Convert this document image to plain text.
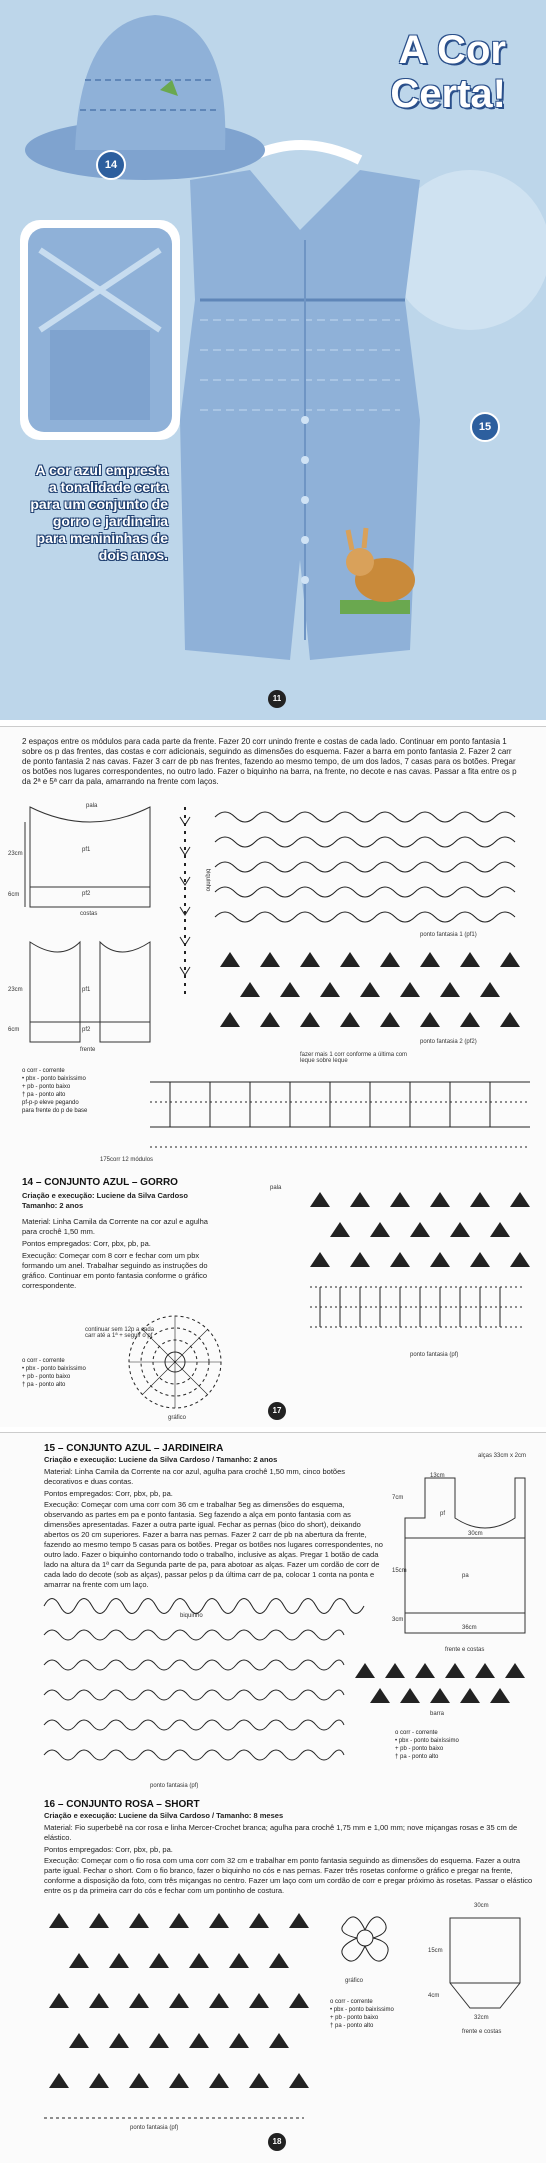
A Cor
Certa!
14
15
A cor azul empresta a tonalidade certa para um conjunto de gorro e jardineira para menininhas de dois anos.
11
2 espaços entre os módulos para cada parte da frente. Fazer 20 corr unindo frente e costas de cada lado. Continuar em ponto fantasia 1 sobre os p das frentes, das costas e corr adicionais, seguindo as dimensões do esquema. Fazer a barra em ponto fantasia 2. Fazer 2 carr de ponto fantasia 2 nas cavas. Fazer 3 carr de pb nas frentes, fazendo ao mesmo tempo, de um dos lados, 7 casas para os botões. Pregar os botões nos lugares correspondentes, no outro lado. Fazer o biquinho na barra, na frente, no decote e nas cavas. Passar a fita entre os p da 2ª e 5ª carr da pala, amarrando na frente com laços.
pala
pf1
pf2
23cm
6cm
costas
pf1
pf2
23cm
6cm
frente
biquinho
ponto fantasia 1 (pf1)
ponto fantasia 2 (pf2)
o corr - corrente
• pbx - ponto baixíssimo
+ pb - ponto baixo
† pa - ponto alto
pf-p-p eleve pegando
para frente do p de base
fazer mais 1 corr conforme a última com leque sobre leque
175corr 12 módulos
14 – CONJUNTO AZUL – GORRO
Criação e execução: Luciene da Silva Cardoso
Tamanho: 2 anos
Material: Linha Camila da Corrente na cor azul e agulha para crochê 1,50 mm.
Pontos empregados: Corr, pbx, pb, pa.
Execução: Começar com 8 corr e fechar com um pbx formando um anel. Trabalhar seguindo as instruções do gráfico. Continuar em ponto fantasia conforme o gráfico correspondente.
pala
continuar sem 12p a cada carr até a 1ª + seguir o pf
gráfico
o corr - corrente
• pbx - ponto baixíssimo
+ pb - ponto baixo
† pa - ponto alto
ponto fantasia (pf)
17
15 – CONJUNTO AZUL – JARDINEIRA
Criação e execução: Luciene da Silva Cardoso / Tamanho: 2 anos
Material: Linha Camila da Corrente na cor azul, agulha para crochê 1,50 mm, cinco botões decorativos e duas contas.
Pontos empregados: Corr, pbx, pb, pa.
Execução: Começar com uma corr com 36 cm e trabalhar 5eg as dimensões do esquema, observando as partes em pa e ponto fantasia. Seg fazendo a alça em ponto fantasia com as dimensões apresentadas. Fazer a outra parte igual. Fechar as pernas (bico do short), deixando abertos os 20 cm superiores. Fazer a barra nas pernas. Fazer 2 carr de pb na abertura da frente, fazendo ao mesmo tempo 5 casas para os botões. Pregar os botões nos lugares correspondentes, no outro lado. Fazer o biquinho contornando todo o trabalho, inclusive as alças. Pregar 1 botão de cada lado na altura da 1ª carr da Segunda parte de pa, para abotoar as alças. Fazer um cordão de corr de cada lado do decote (sob as alças), passar pelos p da última carr de pa, colocar 1 conta na ponta e amarrar na frente com um laço.
alças 33cm x 2cm
13cm
7cm
pf
30cm
15cm
pa
3cm
36cm
frente e costas
biquinho
barra
ponto fantasia (pf)
o corr - corrente
• pbx - ponto baixíssimo
+ pb - ponto baixo
† pa - ponto alto
16 – CONJUNTO ROSA – SHORT
Criação e execução: Luciene da Silva Cardoso / Tamanho: 8 meses
Material: Fio superbebê na cor rosa e linha Mercer-Crochet branca; agulha para crochê 1,75 mm e 1,00 mm; nove miçangas rosas e 35 cm de elástico.
Pontos empregados: Corr, pbx, pb, pa.
Execução: Começar com o fio rosa com uma corr com 32 cm e trabalhar em ponto fantasia seguindo as dimensões do esquema. Fazer a outra parte igual. Fechar o short. Com o fio branco, fazer o biquinho no cós e nas pernas. Fazer três rosetas conforme o gráfico e pregar na frente, conforme a disposição da foto, com três miçangas no centro. Fazer um laço com um cordão de corr e pregar próximo às rosetas. Passar o elástico entre os p da primeira carr do cós e fechar com um pontinho de costura.
ponto fantasia (pf)
gráfico
30cm
15cm
4cm
32cm
frente e costas
o corr - corrente
• pbx - ponto baixíssimo
+ pb - ponto baixo
† pa - ponto alto
18
